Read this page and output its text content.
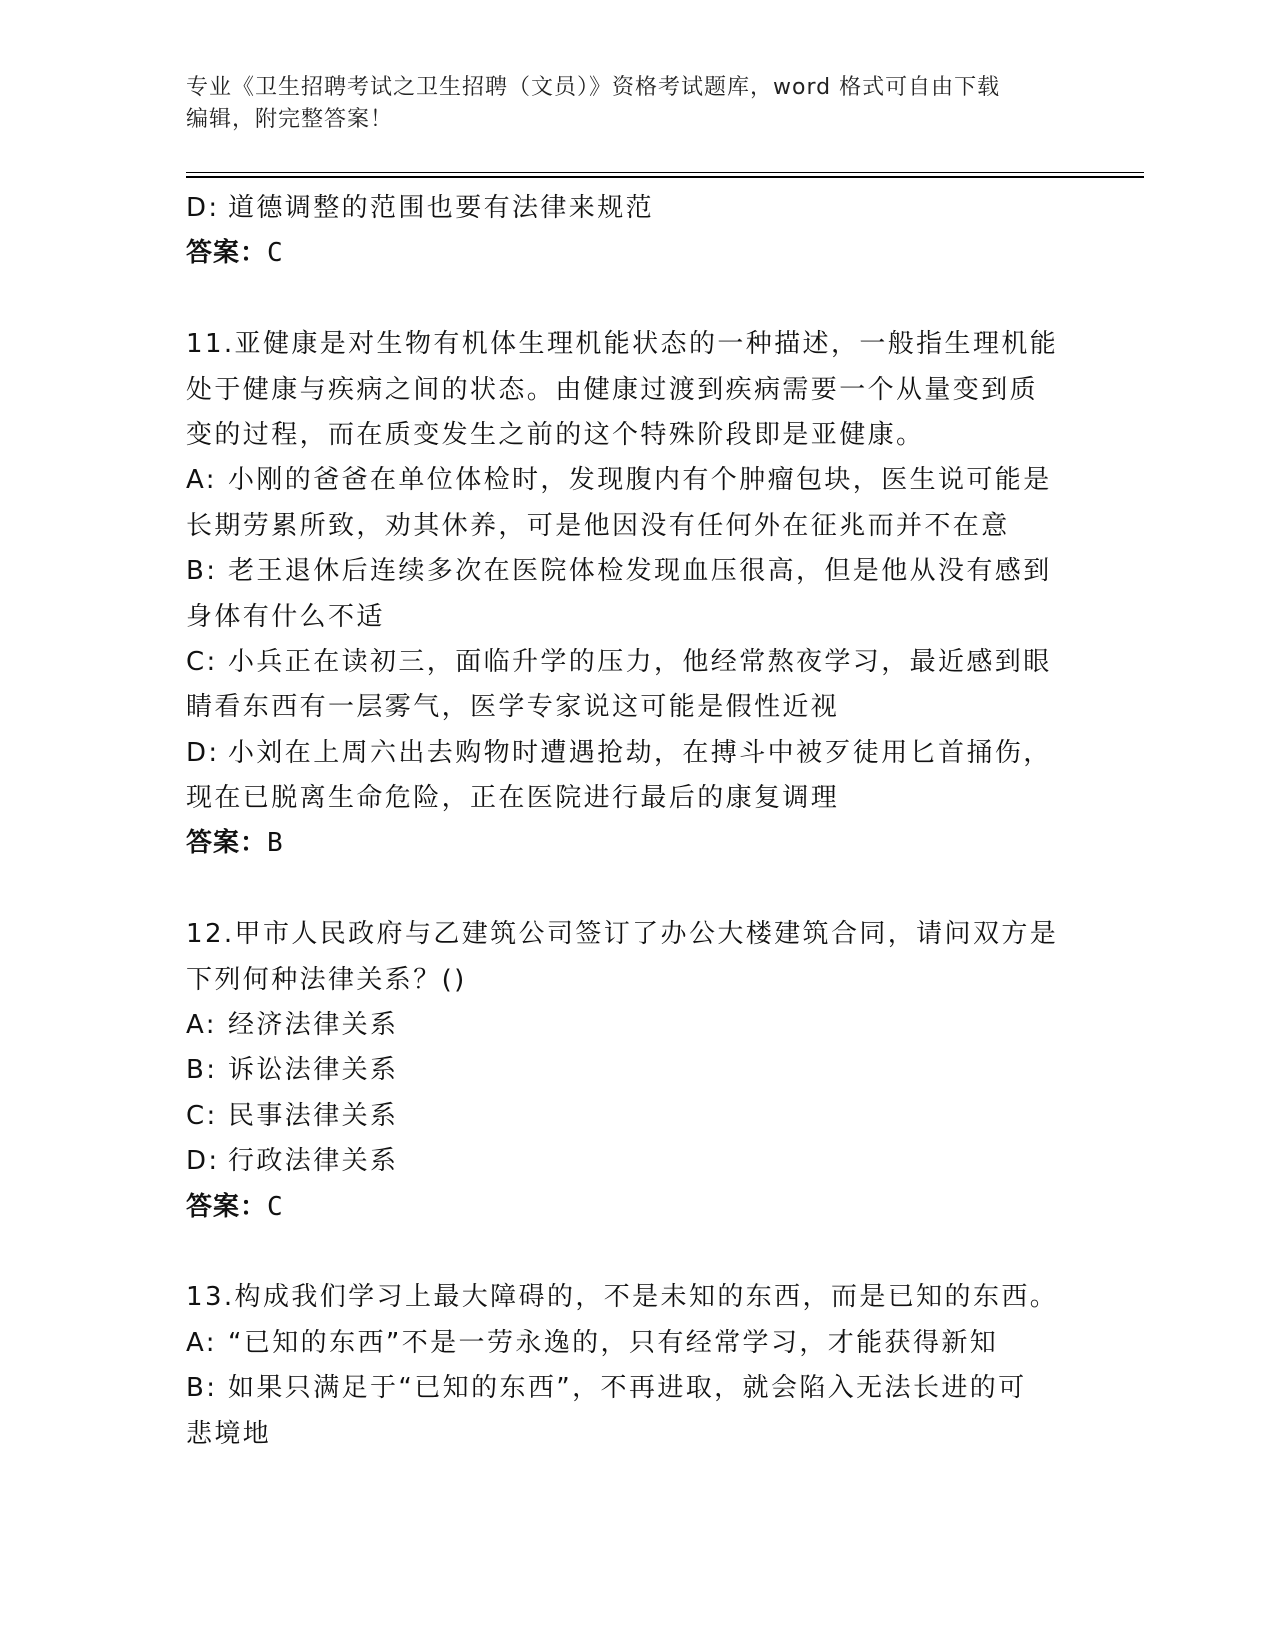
专业《卫生招聘考试之卫生招聘（文员）》资格考试题库，word 格式可自由下载
编辑，附完整答案！
D: 道德调整的范围也要有法律来规范
答案：C
11.亚健康是对生物有机体生理机能状态的一种描述，一般指生理机能
处于健康与疾病之间的状态。由健康过渡到疾病需要一个从量变到质
变的过程，而在质变发生之前的这个特殊阶段即是亚健康。
A: 小刚的爸爸在单位体检时，发现腹内有个肿瘤包块，医生说可能是
长期劳累所致，劝其休养，可是他因没有任何外在征兆而并不在意
B: 老王退休后连续多次在医院体检发现血压很高，但是他从没有感到
身体有什么不适
C: 小兵正在读初三，面临升学的压力，他经常熬夜学习，最近感到眼
睛看东西有一层雾气，医学专家说这可能是假性近视
D: 小刘在上周六出去购物时遭遇抢劫，在搏斗中被歹徒用匕首捅伤，
现在已脱离生命危险，正在医院进行最后的康复调理
答案：B
12.甲市人民政府与乙建筑公司签订了办公大楼建筑合同，请问双方是
下列何种法律关系？()
A: 经济法律关系
B: 诉讼法律关系
C: 民事法律关系
D: 行政法律关系
答案：C
13.构成我们学习上最大障碍的，不是未知的东西，而是已知的东西。
A: “已知的东西”不是一劳永逸的，只有经常学习，才能获得新知
B: 如果只满足于“已知的东西”，不再进取，就会陷入无法长进的可
悲境地
